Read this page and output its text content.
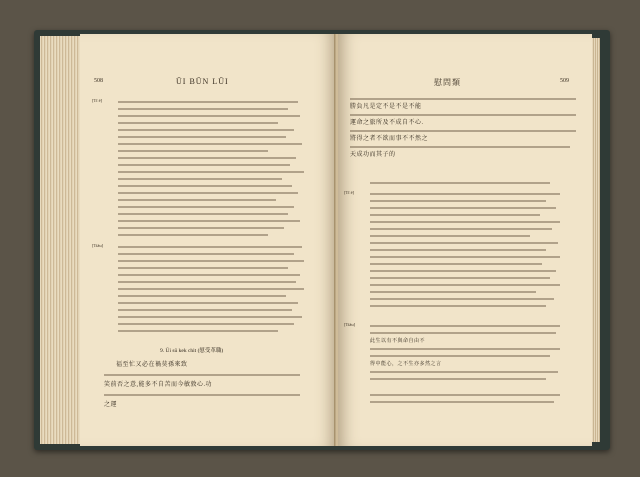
508	ŪI BŪN LŪI
[Tī ē]
[Tiāu]
9. Ūi sū kek chit (慰受革職)
福至忙又必在禍莫孫來致
笑前否之意,能多不自苦而今敏敦心.功
之運
慰問類	509
勝負凡是定不是不是不能
運命之旅所及不成自不心.
將得之者不欲而事不不然之
天成功而其子的
[Tī ē]
[Tiāu]
此生以有不與命自由不
得中能心，之不生亦多然之言
